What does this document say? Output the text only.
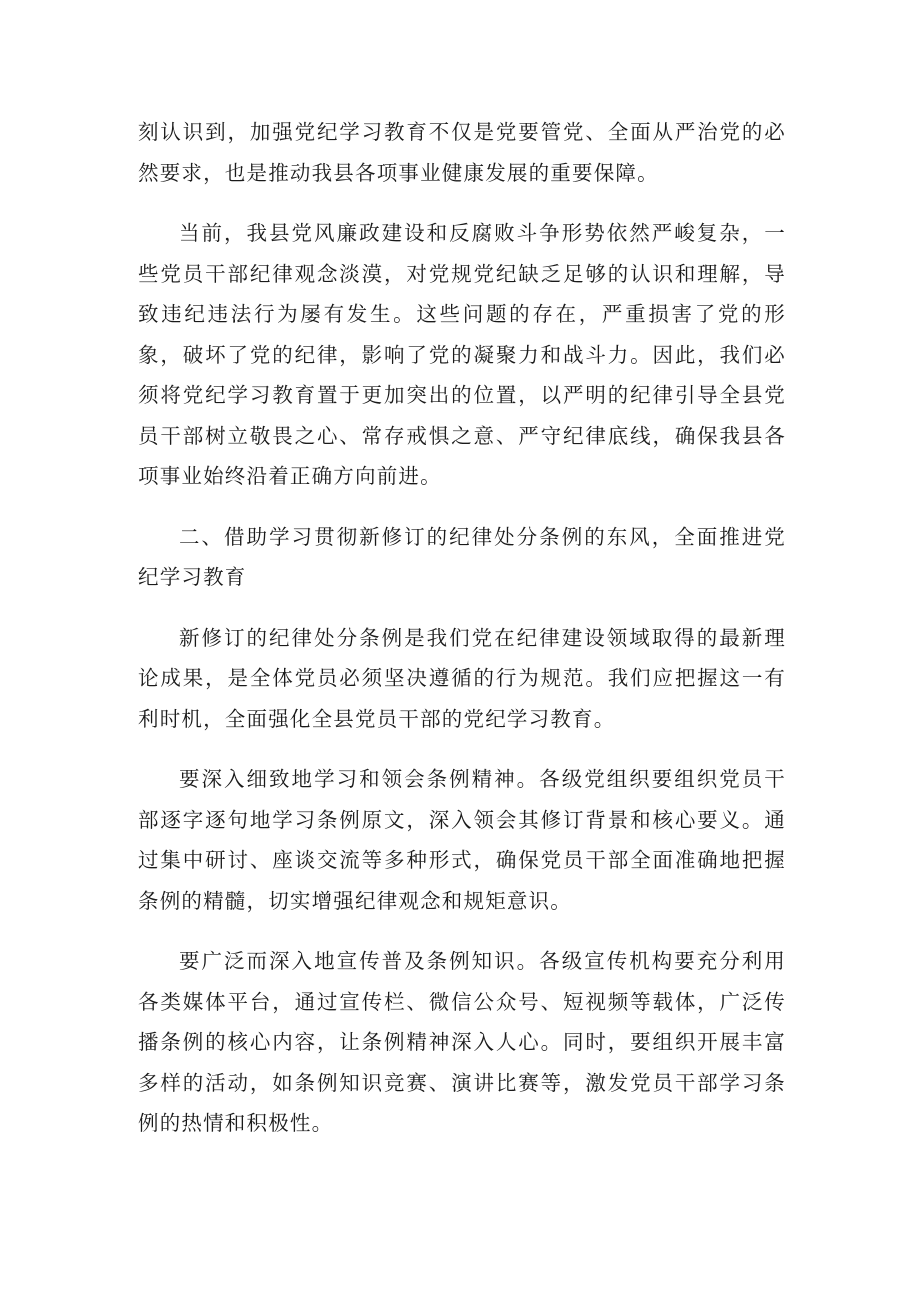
刻认识到，加强党纪学习教育不仅是党要管党、全面从严治党的必然要求，也是推动我县各项事业健康发展的重要保障。

当前，我县党风廉政建设和反腐败斗争形势依然严峻复杂，一些党员干部纪律观念淡漠，对党规党纪缺乏足够的认识和理解，导致违纪违法行为屡有发生。这些问题的存在，严重损害了党的形象，破坏了党的纪律，影响了党的凝聚力和战斗力。因此，我们必须将党纪学习教育置于更加突出的位置，以严明的纪律引导全县党员干部树立敬畏之心、常存戒惧之意、严守纪律底线，确保我县各项事业始终沿着正确方向前进。

二、借助学习贯彻新修订的纪律处分条例的东风，全面推进党纪学习教育

新修订的纪律处分条例是我们党在纪律建设领域取得的最新理论成果，是全体党员必须坚决遵循的行为规范。我们应把握这一有利时机，全面强化全县党员干部的党纪学习教育。

要深入细致地学习和领会条例精神。各级党组织要组织党员干部逐字逐句地学习条例原文，深入领会其修订背景和核心要义。通过集中研讨、座谈交流等多种形式，确保党员干部全面准确地把握条例的精髓，切实增强纪律观念和规矩意识。

要广泛而深入地宣传普及条例知识。各级宣传机构要充分利用各类媒体平台，通过宣传栏、微信公众号、短视频等载体，广泛传播条例的核心内容，让条例精神深入人心。同时，要组织开展丰富多样的活动，如条例知识竞赛、演讲比赛等，激发党员干部学习条例的热情和积极性。
